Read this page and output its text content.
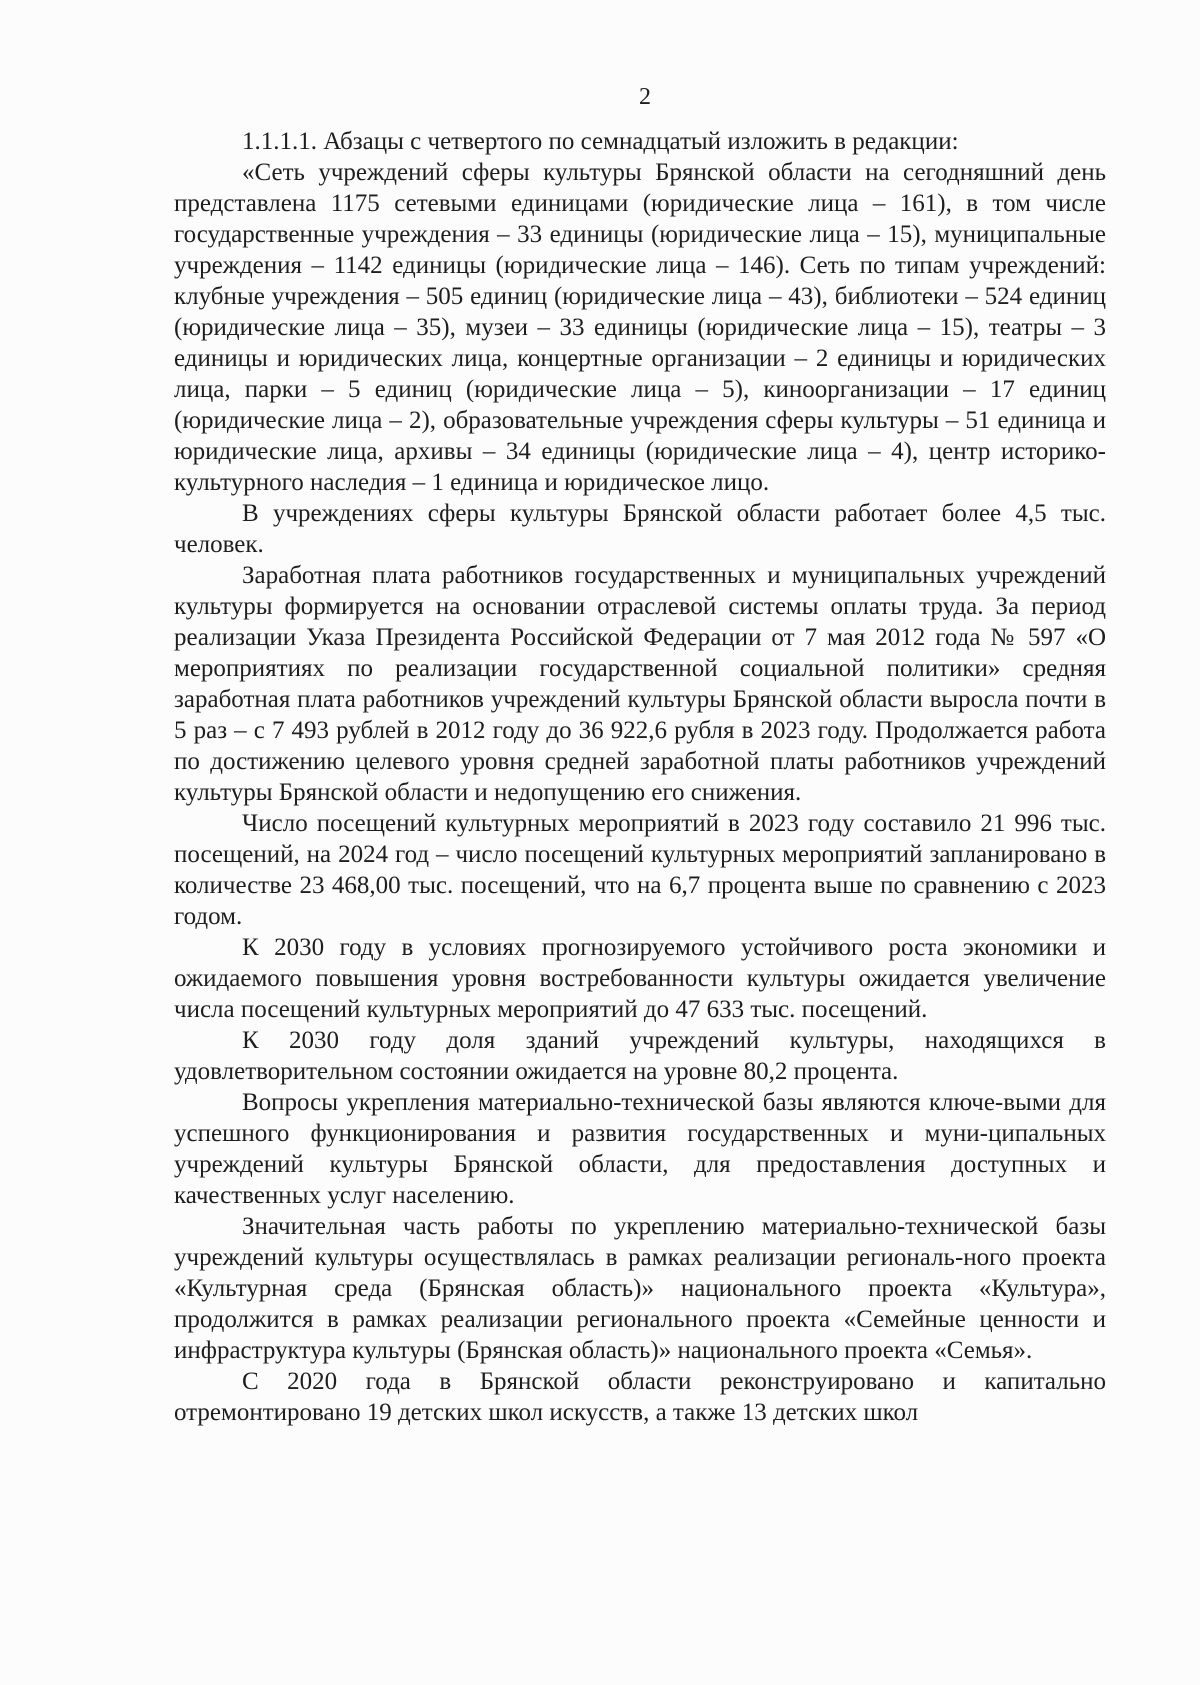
2

1.1.1.1. Абзацы с четвертого по семнадцатый изложить в редакции:

«Сеть учреждений сферы культуры Брянской области на сегодняшний день представлена 1175 сетевыми единицами (юридические лица – 161), в том числе государственные учреждения – 33 единицы (юридические лица – 15), муниципальные учреждения – 1142 единицы (юридические лица – 146). Сеть по типам учреждений: клубные учреждения – 505 единиц (юридические лица – 43), библиотеки – 524 единиц (юридические лица – 35), музеи – 33 единицы (юридические лица – 15), театры – 3 единицы и юридических лица, концертные организации – 2 единицы и юридических лица, парки – 5 единиц (юридические лица – 5), киноорганизации – 17 единиц (юридические лица – 2), образовательные учреждения сферы культуры – 51 единица и юридические лица, архивы – 34 единицы (юридические лица – 4), центр историко-культурного наследия – 1 единица и юридическое лицо.

В учреждениях сферы культуры Брянской области работает более 4,5 тыс. человек.

Заработная плата работников государственных и муниципальных учреждений культуры формируется на основании отраслевой системы оплаты труда. За период реализации Указа Президента Российской Федерации от 7 мая 2012 года № 597 «О мероприятиях по реализации государственной социальной политики» средняя заработная плата работников учреждений культуры Брянской области выросла почти в 5 раз – с 7 493 рублей в 2012 году до 36 922,6 рубля в 2023 году. Продолжается работа по достижению целевого уровня средней заработной платы работников учреждений культуры Брянской области и недопущению его снижения.

Число посещений культурных мероприятий в 2023 году составило 21 996 тыс. посещений, на 2024 год – число посещений культурных мероприятий запланировано в количестве 23 468,00 тыс. посещений, что на 6,7 процента выше по сравнению с 2023 годом.

К 2030 году в условиях прогнозируемого устойчивого роста экономики и ожидаемого повышения уровня востребованности культуры ожидается увеличение числа посещений культурных мероприятий до 47 633 тыс. посещений.

К 2030 году доля зданий учреждений культуры, находящихся в удовлетворительном состоянии ожидается на уровне 80,2 процента.

Вопросы укрепления материально-технической базы являются ключе-выми для успешного функционирования и развития государственных и муни-ципальных учреждений культуры Брянской области, для предоставления доступных и качественных услуг населению.

Значительная часть работы по укреплению материально-технической базы учреждений культуры осуществлялась в рамках реализации региональ-ного проекта «Культурная среда (Брянская область)» национального проекта «Культура», продолжится в рамках реализации регионального проекта «Семейные ценности и инфраструктура культуры (Брянская область)» национального проекта «Семья».

С 2020 года в Брянской области реконструировано и капитально отремонтировано 19 детских школ искусств, а также 13 детских школ
